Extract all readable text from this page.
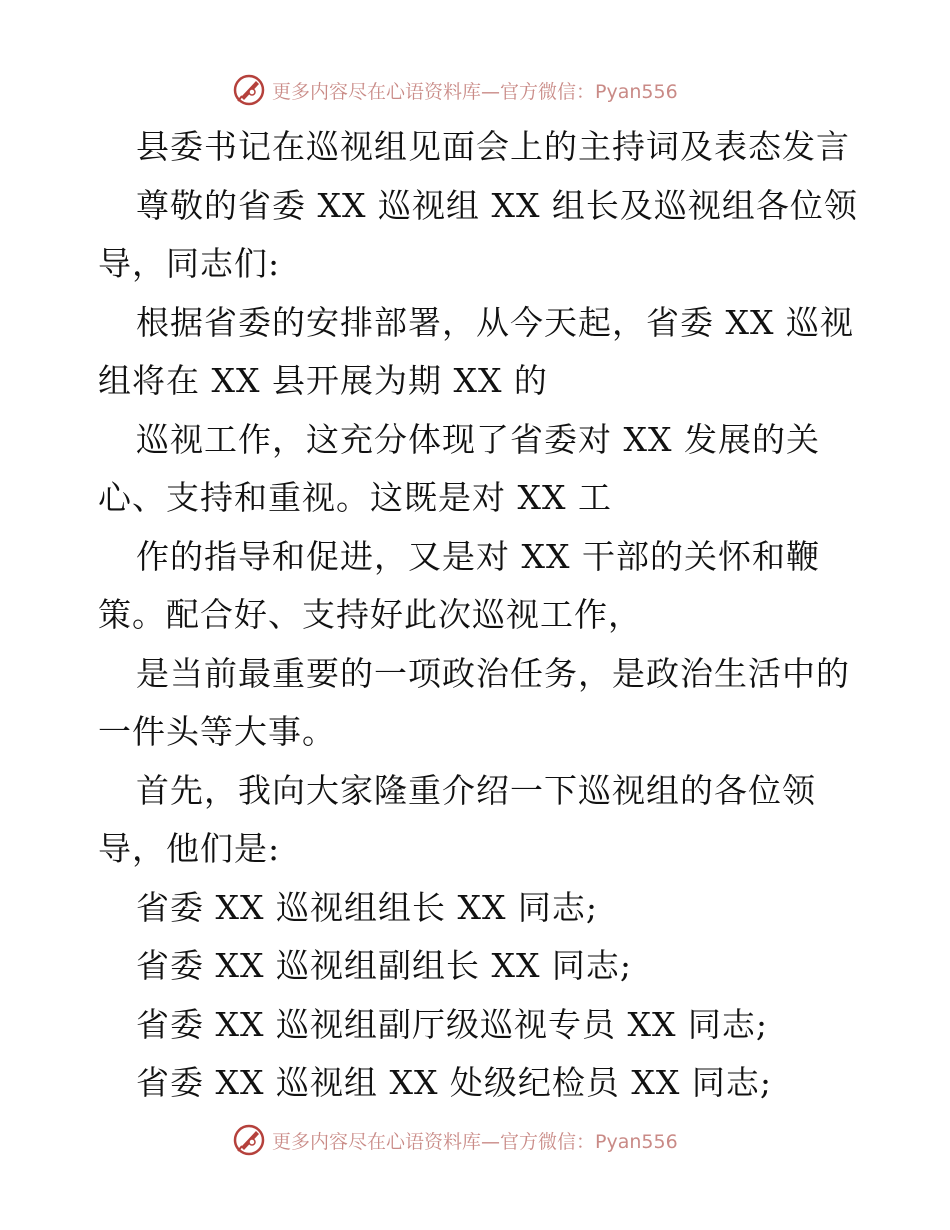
更多内容尽在心语资料库—官方微信：Pyan556
县委书记在巡视组见面会上的主持词及表态发言
尊敬的省委 XX 巡视组 XX 组长及巡视组各位领
导，同志们:
根据省委的安排部署，从今天起，省委 XX 巡视
组将在 XX 县开展为期 XX 的
巡视工作，这充分体现了省委对 XX 发展的关
心、支持和重视。这既是对 XX 工
作的指导和促进，又是对 XX 干部的关怀和鞭
策。配合好、支持好此次巡视工作，
是当前最重要的一项政治任务，是政治生活中的
一件头等大事。
首先，我向大家隆重介绍一下巡视组的各位领
导，他们是:
省委 XX 巡视组组长 XX 同志;
省委 XX 巡视组副组长 XX 同志;
省委 XX 巡视组副厅级巡视专员 XX 同志;
省委 XX 巡视组 XX 处级纪检员 XX 同志;
更多内容尽在心语资料库—官方微信：Pyan556
